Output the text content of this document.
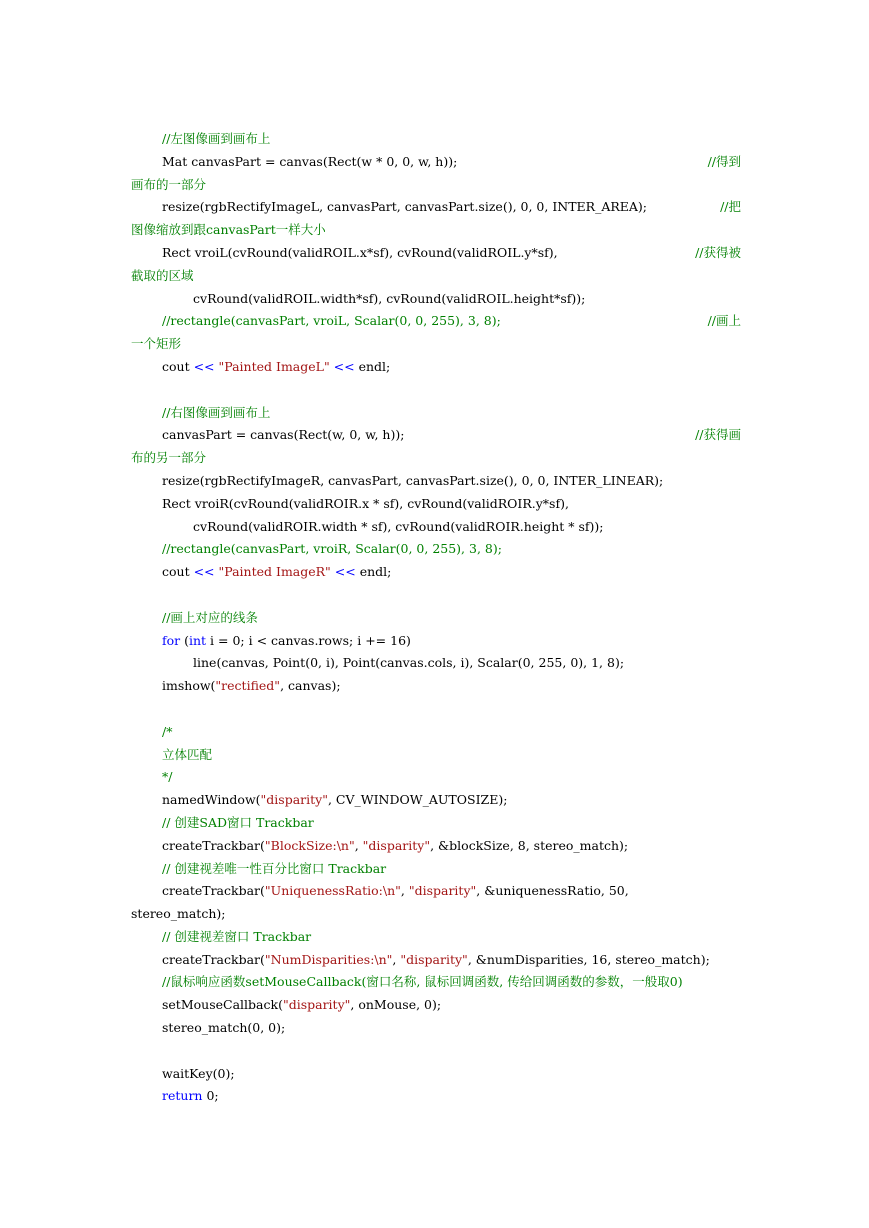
//左图像画到画布上
Mat canvasPart = canvas(Rect(w * 0, 0, w, h));	//得到
画布的一部分
resize(rgbRectifyImageL, canvasPart, canvasPart.size(), 0, 0, INTER_AREA);	//把
图像缩放到跟canvasPart一样大小
Rect vroiL(cvRound(validROIL.x*sf), cvRound(validROIL.y*sf),	//获得被
截取的区域
cvRound(validROIL.width*sf), cvRound(validROIL.height*sf));
//rectangle(canvasPart, vroiL, Scalar(0, 0, 255), 3, 8);	//画上
一个矩形
cout << "Painted ImageL" << endl;
//右图像画到画布上
canvasPart = canvas(Rect(w, 0, w, h));	//获得画
布的另一部分
resize(rgbRectifyImageR, canvasPart, canvasPart.size(), 0, 0, INTER_LINEAR);
Rect vroiR(cvRound(validROIR.x * sf), cvRound(validROIR.y*sf),
cvRound(validROIR.width * sf), cvRound(validROIR.height * sf));
//rectangle(canvasPart, vroiR, Scalar(0, 0, 255), 3, 8);
cout << "Painted ImageR" << endl;
//画上对应的线条
for (int i = 0; i < canvas.rows; i += 16)
line(canvas, Point(0, i), Point(canvas.cols, i), Scalar(0, 255, 0), 1, 8);
imshow("rectified", canvas);
/*
立体匹配
*/
namedWindow("disparity", CV_WINDOW_AUTOSIZE);
// 创建SAD窗口 Trackbar
createTrackbar("BlockSize:\n", "disparity", &blockSize, 8, stereo_match);
// 创建视差唯一性百分比窗口 Trackbar
createTrackbar("UniquenessRatio:\n", "disparity", &uniquenessRatio, 50,
stereo_match);
// 创建视差窗口 Trackbar
createTrackbar("NumDisparities:\n", "disparity", &numDisparities, 16, stereo_match);
//鼠标响应函数setMouseCallback(窗口名称, 鼠标回调函数, 传给回调函数的参数，一般取0)
setMouseCallback("disparity", onMouse, 0);
stereo_match(0, 0);
waitKey(0);
return 0;
